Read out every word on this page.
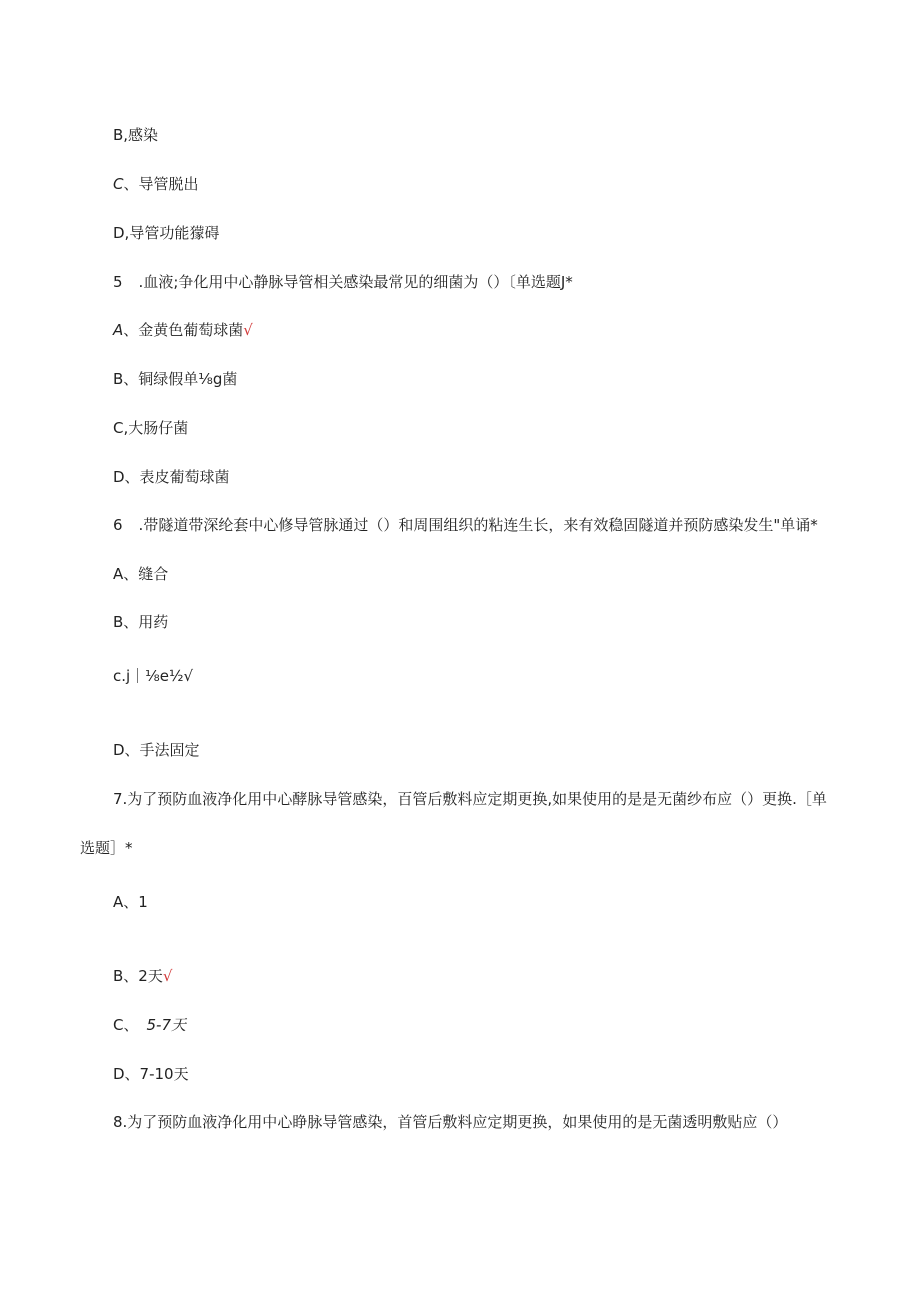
B,感染
C、导管脱出
D,导管功能獴碍
5 .血液;争化用中心静脉导管相关感染最常见的细菌为（）〔单选题J*
A、金黄色葡萄球菌√
B、铜绿假单⅛g菌
C,大肠仔菌
D、表皮葡萄球菌
6 .带隧道带深纶套中心修导管脉通过（）和周围组织的粘连生长，来有效稳固隧道并预防感染发生"单诵*
A、缝合
B、用药
c.j｜⅛e½√
D、手法固定
7.为了预防血液净化用中心酵脉导管感染，百管后敷料应定期更换,如果使用的是是无菌纱布应（）更换.［单
选题］*
A、1
B、2天√
C、 5-7天
D、7-10天
8.为了预防血液净化用中心睁脉导管感染，首管后敷料应定期更换，如果使用的是无菌透明敷贴应（）
